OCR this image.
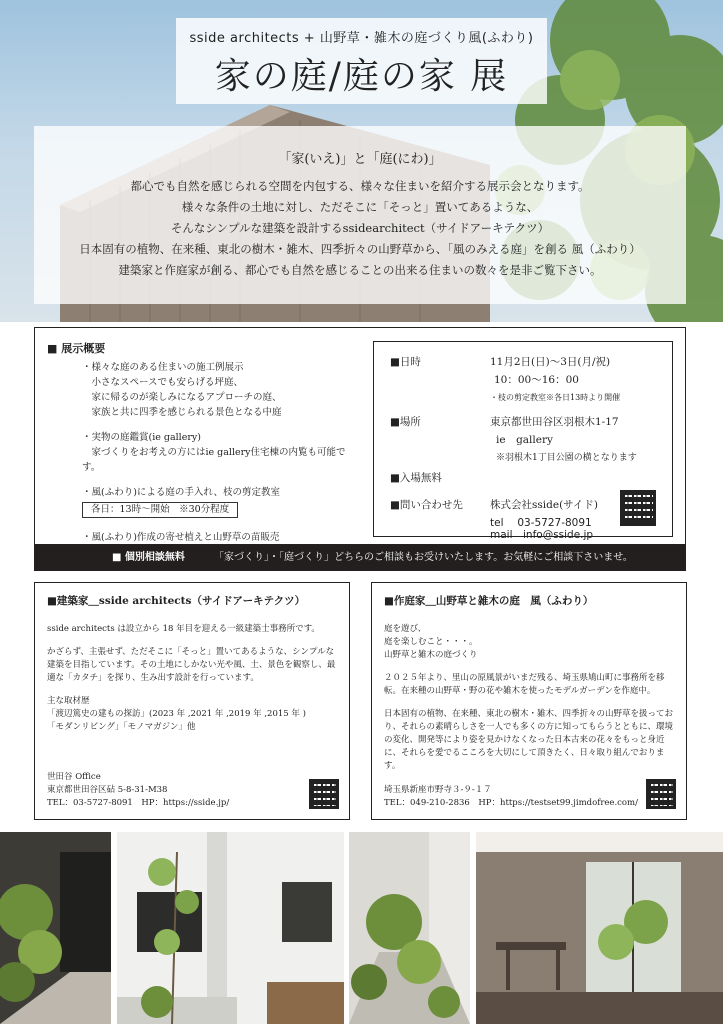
sside architects + 山野草・雑木の庭づくり風(ふわり)
家の庭/庭の家 展
「家(いえ)」と「庭(にわ)」
都心でも自然を感じられる空間を内包する、様々な住まいを紹介する展示会となります。
様々な条件の土地に対し、ただそこに「そっと」置いてあるような、
そんなシンプルな建築を設計するssidearchitect（サイドアーキテクツ）
日本固有の植物、在来種、東北の樹木・雑木、四季折々の山野草から、「風のみえる庭」を創る 風（ふわり）
建築家と作庭家が創る、都心でも自然を感じることの出来る住まいの数々を是非ご覧下さい。
■ 展示概要
・様々な庭のある住まいの施工例展示
　小さなスペースでも安らげる坪庭、
　家に帰るのが楽しみになるアプローチの庭、
　家族と共に四季を感じられる景色となる中庭
・実物の庭鑑賞(ie gallery)
　家づくりをお考えの方にはie gallery住宅棟の内覧も可能です。
・風(ふわり)による庭の手入れ、枝の剪定教室
各日：13時〜開始　※30分程度
・風(ふわり)作成の寄せ植えと山野草の苗販売
■日時	11月2日(日)〜3日(月/祝)
10：00〜16：00
・枝の剪定教室※各日13時より開催
■場所	東京都世田谷区羽根木1-17
ie　gallery
※羽根木1丁目公園の横となります
■入場無料
■問い合わせ先	株式会社sside(サイド)
tel　 03-5727-8091
mail　info@sside.jp
■ 個別相談無料	「家づくり」・「庭づくり」どちらのご相談もお受けいたします。お気軽にご相談下さいませ。
■建築家＿sside architects（サイドアーキテクツ）

sside architects は設立から 18 年目を迎える一級建築士事務所です。

かざらず、主張せず、ただそこに「そっと」置いてあるような、シンプルな建築を目指しています。その土地にしかない光や風、土、景色を観察し、最適な「カタチ」を探り、生み出す設計を行っています。

主な取材歴
「渡辺篤史の建もの探訪」(2023 年 ,2021 年 ,2019 年 ,2015 年 )
「モダンリビング」「モノマガジン」他
世田谷 Office
東京都世田谷区砧 5-8-31-M38
TEL：03-5727-8091　HP：https://sside.jp/
■作庭家＿山野草と雑木の庭　風（ふわり）
庭を遊び、
庭を楽しむこと・・・。

山野草と雑木の庭づくり

２０２５年より、里山の原風景がいまだ残る、埼玉県鳩山町に事務所を移転。在来種の山野草・野の花や雑木を使ったモデルガーデンを作庭中。

日本固有の植物、在来種、東北の樹木・雑木、四季折々の山野草を扱っており、それらの素晴らしさを一人でも多くの方に知ってもらうとともに、環境の変化、開発等により姿を見かけなくなった日本古来の花々をもっと身近に、それらを愛でるこころを大切にして頂きたく、日々取り組んでおります。

埼玉県新座市野寺３-９-１７
TEL：049-210-2836　HP：https://testset99.jimdofree.com/
